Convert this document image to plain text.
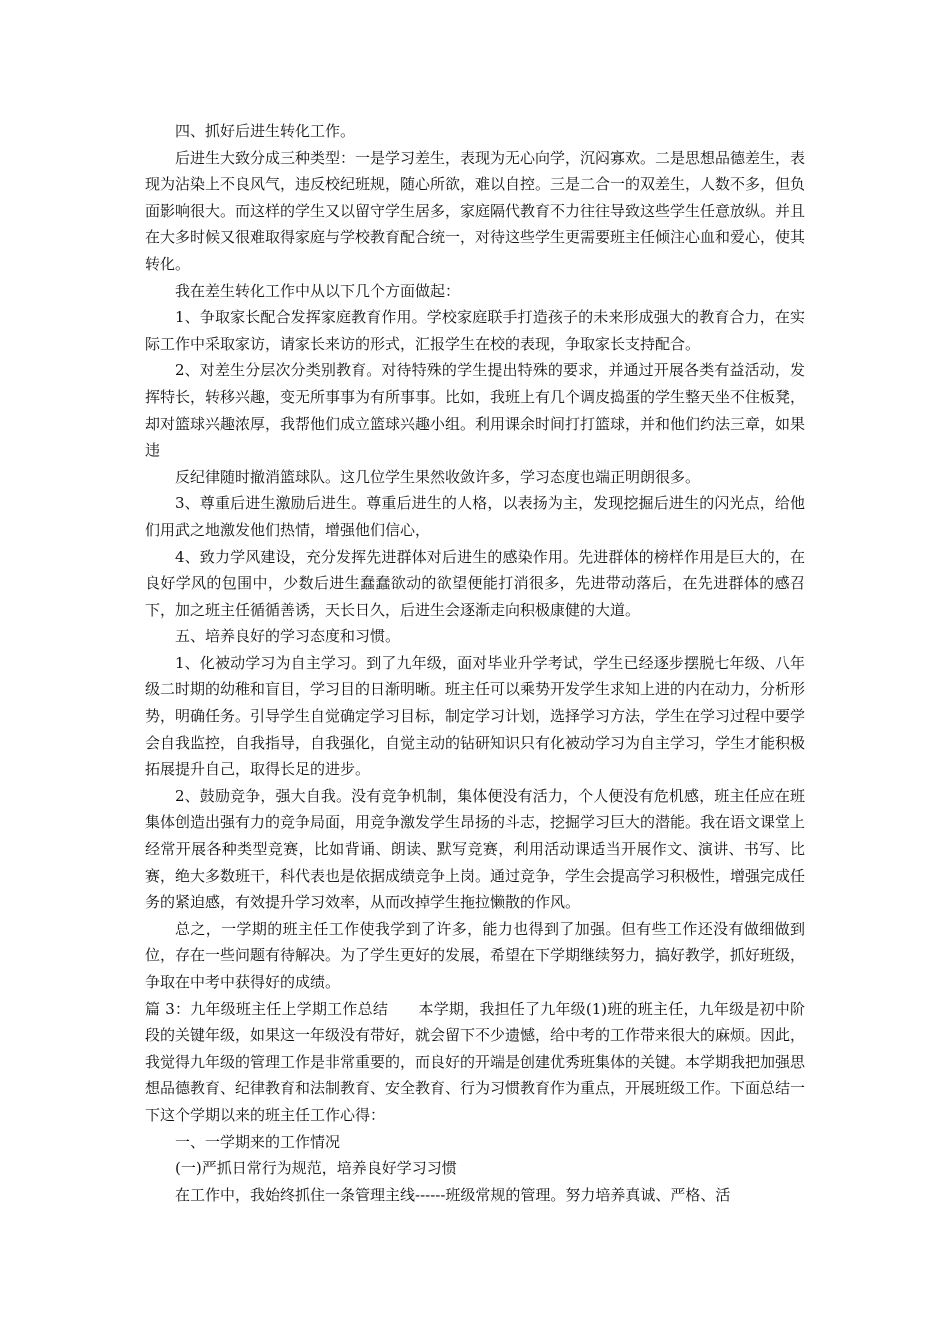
四、抓好后进生转化工作。

后进生大致分成三种类型：一是学习差生，表现为无心向学，沉闷寡欢。二是思想品德差生，表现为沾染上不良风气，违反校纪班规，随心所欲，难以自控。三是二合一的双差生，人数不多，但负面影响很大。而这样的学生又以留守学生居多，家庭隔代教育不力往往导致这些学生任意放纵。并且在大多时候又很难取得家庭与学校教育配合统一，对待这些学生更需要班主任倾注心血和爱心，使其转化。

我在差生转化工作中从以下几个方面做起：

1、争取家长配合发挥家庭教育作用。学校家庭联手打造孩子的未来形成强大的教育合力，在实际工作中采取家访，请家长来访的形式，汇报学生在校的表现，争取家长支持配合。

2、对差生分层次分类别教育。对待特殊的学生提出特殊的要求，并通过开展各类有益活动，发挥特长，转移兴趣，变无所事事为有所事事。比如，我班上有几个调皮捣蛋的学生整天坐不住板凳，却对篮球兴趣浓厚，我帮他们成立篮球兴趣小组。利用课余时间打打篮球，并和他们约法三章，如果违

反纪律随时撤消篮球队。这几位学生果然收敛许多，学习态度也端正明朗很多。

3、尊重后进生激励后进生。尊重后进生的人格，以表扬为主，发现挖掘后进生的闪光点，给他们用武之地激发他们热情，增强他们信心，

4、致力学风建设，充分发挥先进群体对后进生的感染作用。先进群体的榜样作用是巨大的，在良好学风的包围中，少数后进生蠢蠢欲动的欲望便能打消很多，先进带动落后，在先进群体的感召下，加之班主任循循善诱，天长日久，后进生会逐渐走向积极康健的大道。

五、培养良好的学习态度和习惯。

1、化被动学习为自主学习。到了九年级，面对毕业升学考试，学生已经逐步摆脱七年级、八年级二时期的幼稚和盲目，学习目的日渐明晰。班主任可以乘势开发学生求知上进的内在动力，分析形势，明确任务。引导学生自觉确定学习目标，制定学习计划，选择学习方法，学生在学习过程中要学会自我监控，自我指导，自我强化，自觉主动的钻研知识只有化被动学习为自主学习，学生才能积极拓展提升自己，取得长足的进步。

2、鼓励竞争，强大自我。没有竞争机制，集体便没有活力，个人便没有危机感，班主任应在班集体创造出强有力的竞争局面，用竞争激发学生昂扬的斗志，挖掘学习巨大的潜能。我在语文课堂上经常开展各种类型竞赛，比如背诵、朗读、默写竞赛，利用活动课适当开展作文、演讲、书写、比赛，绝大多数班干，科代表也是依据成绩竞争上岗。通过竞争，学生会提高学习积极性，增强完成任务的紧迫感，有效提升学习效率，从而改掉学生拖拉懒散的作风。

总之，一学期的班主任工作使我学到了许多，能力也得到了加强。但有些工作还没有做细做到位，存在一些问题有待解决。为了学生更好的发展，希望在下学期继续努力，搞好教学，抓好班级，争取在中考中获得好的成绩。

篇 3：九年级班主任上学期工作总结　　本学期，我担任了九年级(1)班的班主任，九年级是初中阶段的关键年级，如果这一年级没有带好，就会留下不少遗憾，给中考的工作带来很大的麻烦。因此，我觉得九年级的管理工作是非常重要的，而良好的开端是创建优秀班集体的关键。本学期我把加强思想品德教育、纪律教育和法制教育、安全教育、行为习惯教育作为重点，开展班级工作。下面总结一下这个学期以来的班主任工作心得：

一、一学期来的工作情况

(一)严抓日常行为规范，培养良好学习习惯

在工作中，我始终抓住一条管理主线------班级常规的管理。努力培养真诚、严格、活
